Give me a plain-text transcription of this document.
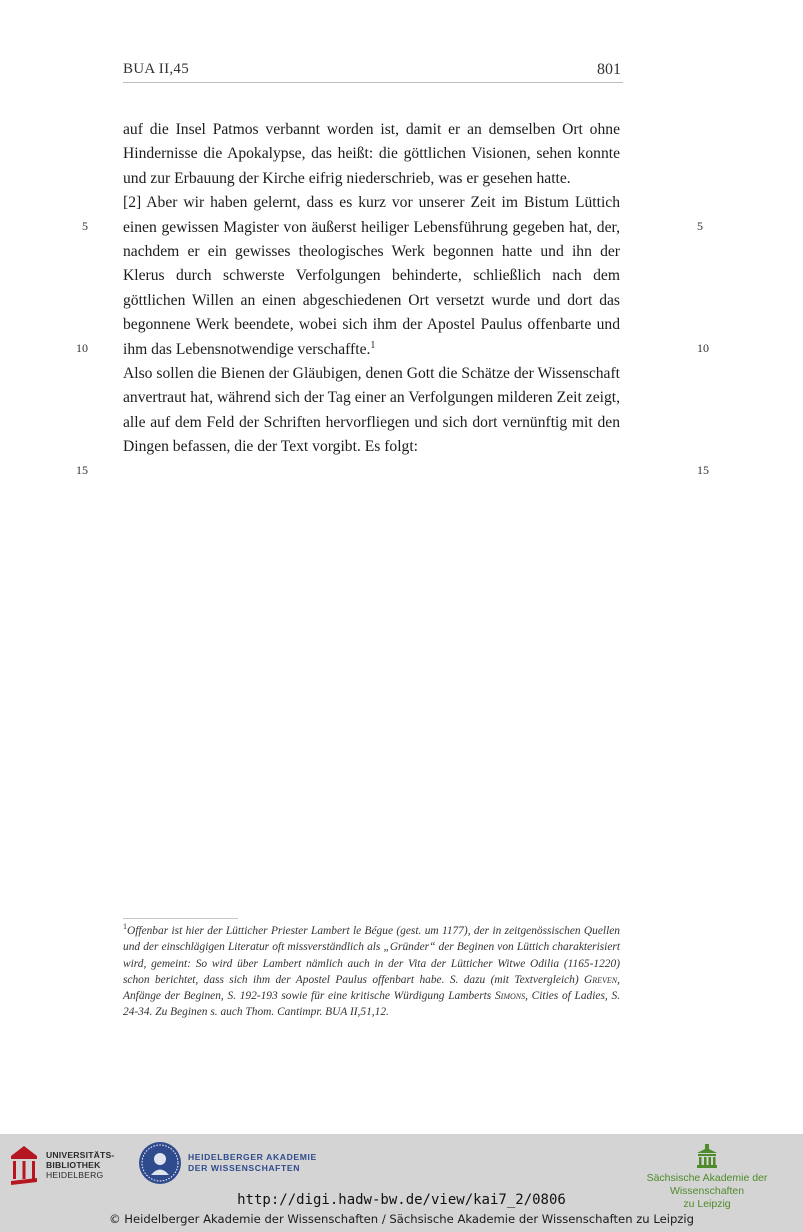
BUA II,45	801
5	5
10	10
15	15

auf die Insel Patmos verbannt worden ist, damit er an demselben Ort ohne Hindernisse die Apokalypse, das heißt: die göttlichen Visionen, sehen konnte und zur Erbauung der Kirche eifrig niederschrieb, was er gesehen hatte.

[2] Aber wir haben gelernt, dass es kurz vor unserer Zeit im Bistum Lüttich einen gewissen Magister von äußerst heiliger Lebensführung gegeben hat, der, nachdem er ein gewisses theologisches Werk begonnen hatte und ihn der Klerus durch schwerste Verfolgungen behinderte, schließlich nach dem göttlichen Willen an einen abgeschiedenen Ort versetzt wurde und dort das begonnene Werk beendete, wobei sich ihm der Apostel Paulus offenbarte und ihm das Lebensnotwendige verschaffte.$^1$

Also sollen die Bienen der Gläubigen, denen Gott die Schätze der Wissenschaft anvertraut hat, während sich der Tag einer an Verfolgungen milderen Zeit zeigt, alle auf dem Feld der Schriften hervorfliegen und sich dort vernünftig mit den Dingen befassen, die der Text vorgibt. Es folgt:

$^1$Offenbar ist hier der Lütticher Priester Lambert le Bégue (gest. um 1177), der in zeitgenössischen Quellen und der einschlägigen Literatur oft missverständlich als „Gründer“ der Beginen von Lüttich charakterisiert wird, gemeint: So wird über Lambert nämlich auch in der Vita der Lütticher Witwe Odilia (1165-1220) schon berichtet, dass sich ihm der Apostel Paulus offenbart habe. S. dazu (mit Textvergleich) Greven, Anfänge der Beginen, S. 192-193 sowie für eine kritische Würdigung Lamberts Simons, Cities of Ladies, S. 24-34. Zu Beginen s. auch Thom. Cantimpr. BUA II,51,12.
UNIVERSITÄTS-
BIBLIOTHEK
HEIDELBERG
HEIDELBERGER AKADEMIE
DER WISSENSCHAFTEN
Sächsische Akademie der Wissenschaften
zu Leipzig
http://digi.hadw-bw.de/view/kai7_2/0806
© Heidelberger Akademie der Wissenschaften / Sächsische Akademie der Wissenschaften zu Leipzig
